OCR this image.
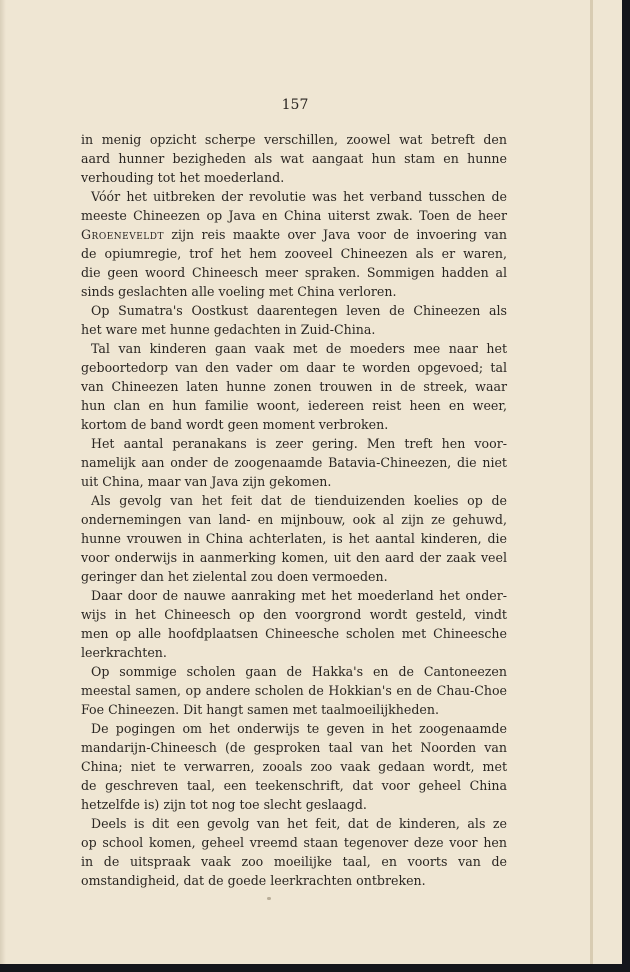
157
in menig opzicht scherpe verschillen, zoowel wat betreft den
aard hunner bezigheden als wat aangaat hun stam en hunne
verhouding tot het moederland.
Vóór het uitbreken der revolutie was het verband tusschen de
meeste Chineezen op Java en China uiterst zwak. Toen de heer
Groeneveldt zijn reis maakte over Java voor de invoering van
de opiumregie, trof het hem zooveel Chineezen als er waren,
die geen woord Chineesch meer spraken. Sommigen hadden al
sinds geslachten alle voeling met China verloren.
Op Sumatra's Oostkust daarentegen leven de Chineezen als
het ware met hunne gedachten in Zuid-China.
Tal van kinderen gaan vaak met de moeders mee naar het
geboortedorp van den vader om daar te worden opgevoed; tal
van Chineezen laten hunne zonen trouwen in de streek, waar
hun clan en hun familie woont, iedereen reist heen en weer,
kortom de band wordt geen moment verbroken.
Het aantal peranakans is zeer gering. Men treft hen voor-
namelijk aan onder de zoogenaamde Batavia-Chineezen, die niet
uit China, maar van Java zijn gekomen.
Als gevolg van het feit dat de tienduizenden koelies op de
ondernemingen van land- en mijnbouw, ook al zijn ze gehuwd,
hunne vrouwen in China achterlaten, is het aantal kinderen, die
voor onderwijs in aanmerking komen, uit den aard der zaak veel
geringer dan het zielental zou doen vermoeden.
Daar door de nauwe aanraking met het moederland het onder-
wijs in het Chineesch op den voorgrond wordt gesteld, vindt
men op alle hoofdplaatsen Chineesche scholen met Chineesche
leerkrachten.
Op sommige scholen gaan de Hakka's en de Cantoneezen
meestal samen, op andere scholen de Hokkian's en de Chau-Choe
Foe Chineezen. Dit hangt samen met taalmoeilijkheden.
De pogingen om het onderwijs te geven in het zoogenaamde
mandarijn-Chineesch (de gesproken taal van het Noorden van
China; niet te verwarren, zooals zoo vaak gedaan wordt, met
de geschreven taal, een teekenschrift, dat voor geheel China
hetzelfde is) zijn tot nog toe slecht geslaagd.
Deels is dit een gevolg van het feit, dat de kinderen, als ze
op school komen, geheel vreemd staan tegenover deze voor hen
in de uitspraak vaak zoo moeilijke taal, en voorts van de
omstandigheid, dat de goede leerkrachten ontbreken.
